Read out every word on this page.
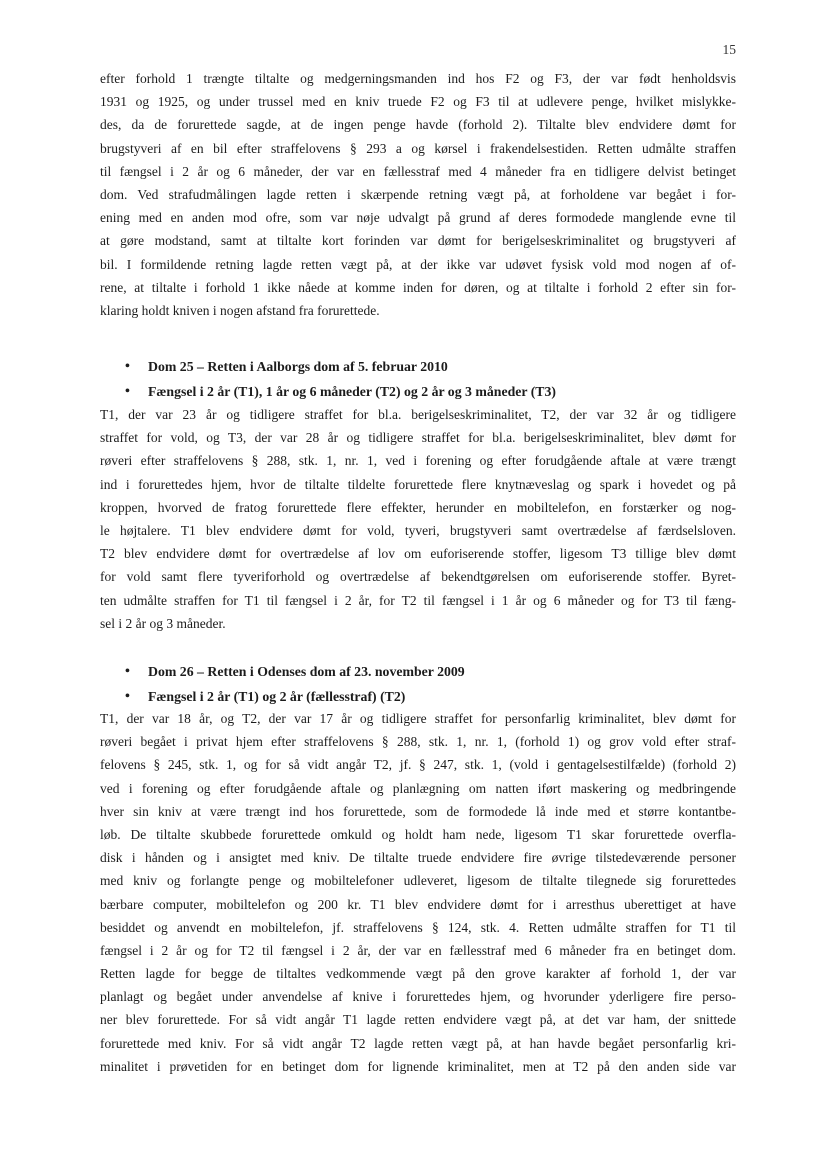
15
efter forhold 1 trængte tiltalte og medgerningsmanden ind hos F2 og F3, der var født henholdsvis
1931 og 1925, og under trussel med en kniv truede F2 og F3 til at udlevere penge, hvilket mislykke-
des, da de forurettede sagde, at de ingen penge havde (forhold 2). Tiltalte blev endvidere dømt for
brugstyveri af en bil efter straffelovens § 293 a og kørsel i frakendelsestiden. Retten udmålte straffen
til fængsel i 2 år og 6 måneder, der var en fællesstraf med 4 måneder fra en tidligere delvist betinget
dom. Ved strafudmålingen lagde retten i skærpende retning vægt på, at forholdene var begået i for-
ening med en anden mod ofre, som var nøje udvalgt på grund af deres formodede manglende evne til
at gøre modstand, samt at tiltalte kort forinden var dømt for berigelseskriminalitet og brugstyveri af
bil. I formildende retning lagde retten vægt på, at der ikke var udøvet fysisk vold mod nogen af of-
rene, at tiltalte i forhold 1 ikke nåede at komme inden for døren, og at tiltalte i forhold 2 efter sin for-
klaring holdt kniven i nogen afstand fra forurettede.
•	Dom 25 – Retten i Aalborgs dom af 5. februar 2010
•	Fængsel i 2 år (T1), 1 år og 6 måneder (T2) og 2 år og 3 måneder (T3)
T1, der var 23 år og tidligere straffet for bl.a. berigelseskriminalitet, T2, der var 32 år og tidligere
straffet for vold, og T3, der var 28 år og tidligere straffet for bl.a. berigelseskriminalitet, blev dømt for
røveri efter straffelovens § 288, stk. 1, nr. 1, ved i forening og efter forudgående aftale at være trængt
ind i forurettedes hjem, hvor de tiltalte tildelte forurettede flere knytnæveslag og spark i hovedet og på
kroppen, hvorved de fratog forurettede flere effekter, herunder en mobiltelefon, en forstærker og nog-
le højtalere. T1 blev endvidere dømt for vold, tyveri, brugstyveri samt overtrædelse af færdselsloven.
T2 blev endvidere dømt for overtrædelse af lov om euforiserende stoffer, ligesom T3 tillige blev dømt
for vold samt flere tyveriforhold og overtrædelse af bekendtgørelsen om euforiserende stoffer. Byret-
ten udmålte straffen for T1 til fængsel i 2 år, for T2 til fængsel i 1 år og 6 måneder og for T3 til fæng-
sel i 2 år og 3 måneder.
•	Dom 26 – Retten i Odenses dom af 23. november 2009
•	Fængsel i 2 år (T1) og 2 år (fællesstraf) (T2)
T1, der var 18 år, og T2, der var 17 år og tidligere straffet for personfarlig kriminalitet, blev dømt for
røveri begået i privat hjem efter straffelovens § 288, stk. 1, nr. 1, (forhold 1) og grov vold efter straf-
felovens § 245, stk. 1, og for så vidt angår T2, jf. § 247, stk. 1, (vold i gentagelsestilfælde) (forhold 2)
ved i forening og efter forudgående aftale og planlægning om natten iført maskering og medbringende
hver sin kniv at være trængt ind hos forurettede, som de formodede lå inde med et større kontantbe-
løb. De tiltalte skubbede forurettede omkuld og holdt ham nede, ligesom T1 skar forurettede overfla-
disk i hånden og i ansigtet med kniv. De tiltalte truede endvidere fire øvrige tilstedeværende personer
med kniv og forlangte penge og mobiltelefoner udleveret, ligesom de tiltalte tilegnede sig forurettedes
bærbare computer, mobiltelefon og 200 kr. T1 blev endvidere dømt for i arresthus uberettiget at have
besiddet og anvendt en mobiltelefon, jf. straffelovens § 124, stk. 4. Retten udmålte straffen for T1 til
fængsel i 2 år og for T2 til fængsel i 2 år, der var en fællesstraf med 6 måneder fra en betinget dom.
Retten lagde for begge de tiltaltes vedkommende vægt på den grove karakter af forhold 1, der var
planlagt og begået under anvendelse af knive i forurettedes hjem, og hvorunder yderligere fire perso-
ner blev forurettede. For så vidt angår T1 lagde retten endvidere vægt på, at det var ham, der snittede
forurettede med kniv. For så vidt angår T2 lagde retten vægt på, at han havde begået personfarlig kri-
minalitet i prøvetiden for en betinget dom for lignende kriminalitet, men at T2 på den anden side var
